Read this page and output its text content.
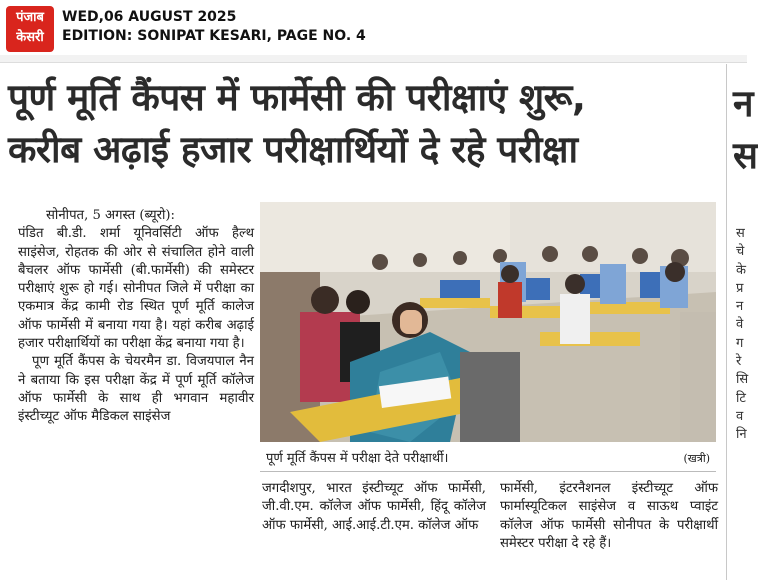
पंजाब
केसरी
WED,06 AUGUST 2025
EDITION: SONIPAT KESARI, PAGE NO. 4
न
स
पूर्ण मूर्ति कैंपस में फार्मेसी की परीक्षाएं शुरू,
करीब अढ़ाई हजार परीक्षार्थियों दे रहे परीक्षा

सोनीपत, 5 अगस्त (ब्यूरो):

पंडित बी.डी. शर्मा यूनिवर्सिटी ऑफ हैल्थ साइंसेज, रोहतक की ओर से संचालित होने वाली बैचलर ऑफ फार्मेसी (बी.फार्मेसी) की समेस्टर परीक्षाएं शुरू हो गई। सोनीपत जिले में परीक्षा का एकमात्र केंद्र कामी रोड स्थित पूर्ण मूर्ति कालेज ऑफ फार्मेसी में बनाया गया है। यहां करीब अढ़ाई हजार परीक्षार्थियों का परीक्षा केंद्र बनाया गया है।

पूण मूर्ति कैंपस के चेयरमैन डा. विजयपाल नैन ने बताया कि इस परीक्षा केंद्र में पूर्ण मूर्ति कॉलेज ऑफ फार्मेसी के साथ ही भगवान महावीर इंस्टीच्यूट ऑफ मैडिकल साइंसेज

पूर्ण मूर्ति कैंपस में परीक्षा देते परीक्षार्थी।	(खत्री)

जगदीशपुर, भारत इंस्टीच्यूट ऑफ फार्मेसी, जी.वी.एम. कॉलेज ऑफ फार्मेसी, हिंदू कॉलेज ऑफ फार्मेसी, आई.आई.टी.एम. कॉलेज ऑफ

फार्मेसी, इंटरनैशनल इंस्टीच्यूट ऑफ फार्मास्यूटिकल साइंसेज व साऊथ प्वाइंट कॉलेज ऑफ फार्मेसी सोनीपत के परीक्षार्थी समेस्टर परीक्षा दे रहे हैं।

स
चे
के
प्र
न
वे
ग
रे
सि
टि
व
नि
